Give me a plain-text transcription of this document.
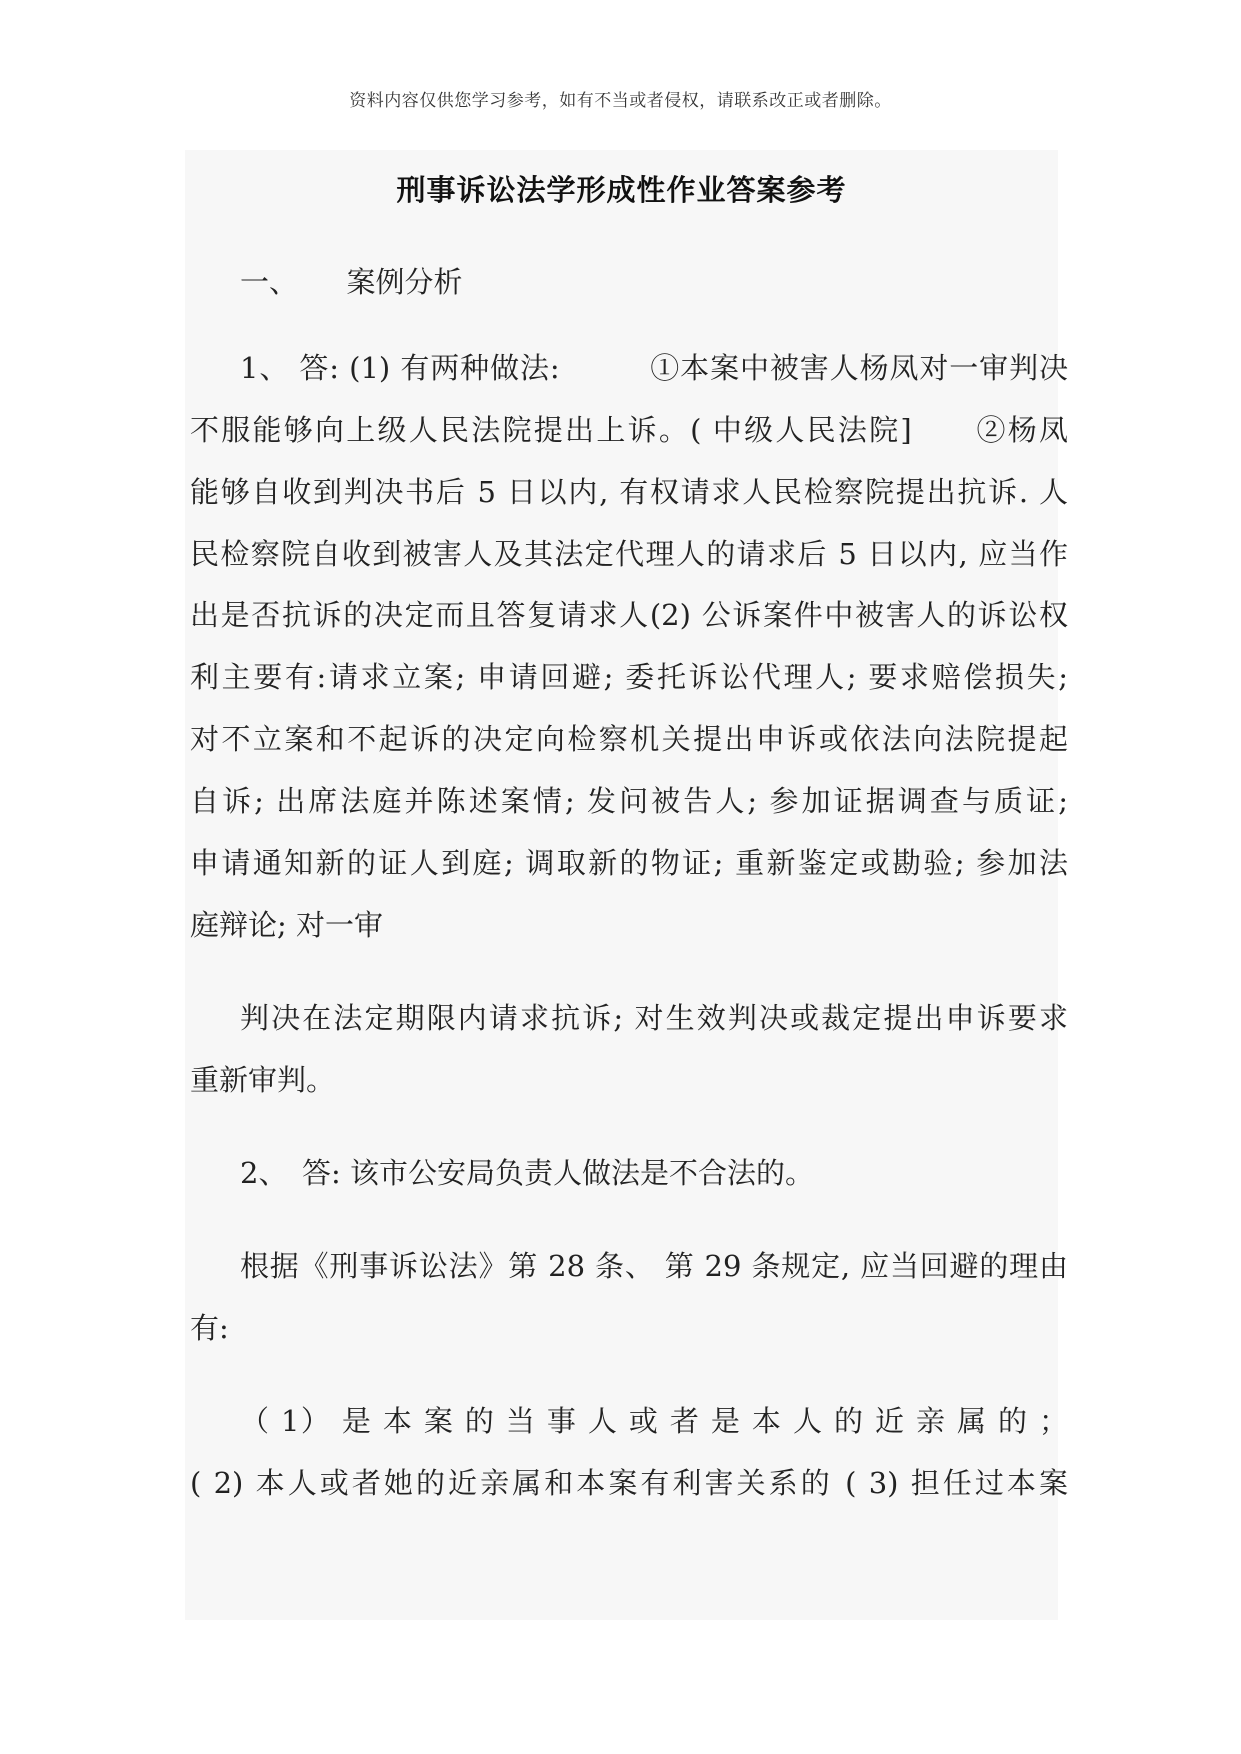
资料内容仅供您学习参考，如有不当或者侵权，请联系改正或者删除。
刑事诉讼法学形成性作业答案参考
一、 案例分析
1、 答: (1) 有两种做法:　　　①本案中被害人杨凤对一审判决
不服能够向上级人民法院提出上诉。( 中级人民法院]　　②杨凤
能够自收到判决书后 5 日以内, 有权请求人民检察院提出抗诉. 人
民检察院自收到被害人及其法定代理人的请求后 5 日以内, 应当作
出是否抗诉的决定而且答复请求人(2) 公诉案件中被害人的诉讼权
利主要有:请求立案; 申请回避; 委托诉讼代理人; 要求赔偿损失;
对不立案和不起诉的决定向检察机关提出申诉或依法向法院提起
自诉; 出席法庭并陈述案情; 发问被告人; 参加证据调查与质证;
申请通知新的证人到庭; 调取新的物证; 重新鉴定或勘验; 参加法
庭辩论; 对一审
判决在法定期限内请求抗诉; 对生效判决或裁定提出申诉要求
重新审判。
2、　答: 该市公安局负责人做法是不合法的。
根据《刑事诉讼法》第 28 条、 第 29 条规定, 应当回避的理由
有:
（ 1） 是 本 案 的 当 事 人 或 者 是 本 人 的 近 亲 属 的 ；
( 2) 本人或者她的近亲属和本案有利害关系的 ( 3) 担任过本案
